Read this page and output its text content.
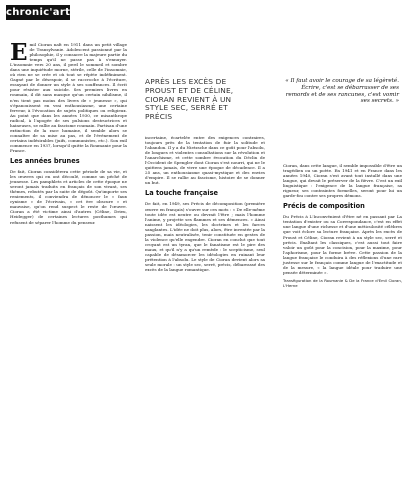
chronic'art
APRÈS LES EXCÈS DE PROUST ET DE CÉLINE, CIORAN REVIENT À UN STYLE SEC, SERRÉ ET PRÉCIS
« Il faut avoir le courage de sa légèreté. Écrire, c'est se débarrasser de ses remords et de ses rancunes, c'est vomir ses secrets. »
E mil Cioran naît en 1911 dans un petit village de Transylvanie. Adolescent passionné par la philosophie, il y consacre la majeure partie du temps qu'il ne passe pas à s'ennuyer. L'insomnie vers 20 ans, il perd le sommeil et sombre dans une inquiétude morne, stérile, celle de l'insomnie, où rien ne se crée et où tout se répète indéfiniment. Gagné par le désespoir, il se raccroche à l'écriture, essayant de donner un style à ses souffrances. Il écrit pour résister aux suicide. Ses premiers livres en roumain, il dit sans masque qu'un certain nihilisme, il n'en tient pas moins des livres de « jeunesse », qui s'épanouissent en vrai enthousiasme, une certaine ferveur, à l'évocation de sujets politiques ou religieux. Au point que dans les années 1930, ce misanthrope radical, à l'apogée de ses pulsions destructrices et haineuses, se rallie au fascisme roumain. Partisan d'une extinction de la race humaine, il semble alors se connaître de sa mise au pas, et de l'événement de certains indésirables (juifs, communistes, etc.). Son exil commence en 1937, lorsqu'il quitte la Roumanie pour la France.

Les années brunes

De fait, Cioran considérera cette période de sa vie, et les œuvres qui en ont découlé, comme un péché de jeunesse. Les pamphlets et articles de cette époque ne seront jamais traduits en français de son vivant, ses thèmes, rebutés par la suite de dégoût. Qu'importe ses reniements, il conviendra de dénoncer le « faux cynisme » de l'écrivain, « cet ère obscure » et mauvaise, qu'on rend suspect le reste de l'œuvre. Cioran a été victime ainsi d'autres (Céline, Drieu, Heidegger) de certaines lectures posthumes qui refusent de séparer l'homme du penseur.

incertaine, écartelée entre des exigences contraires, toujours près de la tentation de fuir la solitude et l'abandon. Il y a du Nietzsche dans ce goût pour l'absolu, de longues et violentes consultations sur la révolution et l'anarchisme, et cette sombre évocation du Déclin de l'Occident de Spengler dont Cioran s'est nourri, qui ne le quittera jamais, de vivre une époque de décadence. Il a 25 ans, un enthousiasme quasi-mystique et des envies d'empire. Il se rallie au fascisme, histoire de se donner un but.

La touche française

De fait, en 1949, ses Précis de décomposition (première œuvre en français) s'ouvre sur ces mots : « De elle-même toute idée est neutre ou devrait l'être ; mais l'homme l'anime, y projette ses flammes et ses démences. » Ainsi naissent les idéologies, les doctrines et les farces sanglantes. L'idée ne doit plus, alors, être inventée par la passion, mais neutralisée, tenir constituée en gestes de la violence qu'elle engendre. Cioran en conclut que tout croyant est un tyran, que le fanatisme est le pire des maux, et qu'il n'y a qu'un remède : le scepticisme, seul capable de désamorcer les idéologies en ruinant leur prétention à l'absolu. Le style de Cioran devient alors sa seule morale : un style sec, serré, précis, débarrassé des excès de la langue romantique.

Cioran, dans cette langue, il semble impossible d'être un tragédien ou un poète. En 1941 et en France dans les années 1940, Cioran s'est avant tout installé dans une langue, qui devait le préserver de la fièvre. C'est un exil linguistique : l'exigence de la langue française, sa rigueur, ses contraintes formelles, seront pour lui un garde-fou contre ses propres démons.

Précis de composition

Du Précis à L'Inconvénient d'être né en passant par La tentation d'exister ou sa Correspondance, c'est en effet une langue d'une richesse et d'une méticulosité célèbres que voit éclore sa lecture française. Après les excès de Proust et Céline, Cioran revient à un style sec, serré et précis. Exaltant les classiques, c'est aussi tout faire valoir un goût pour la concision, pour la maxime, pour l'aphorisme, pour la forme brève. Cette passion de la langue française le conduira à des réflexions d'une rare justesse sur le français comme langue de l'exactitude et de la mesure, « la langue idéale pour traduire une pensée déterminée ».

Transfiguration de la Roumanie & De la France d'Emil Cioran, L'Herne
